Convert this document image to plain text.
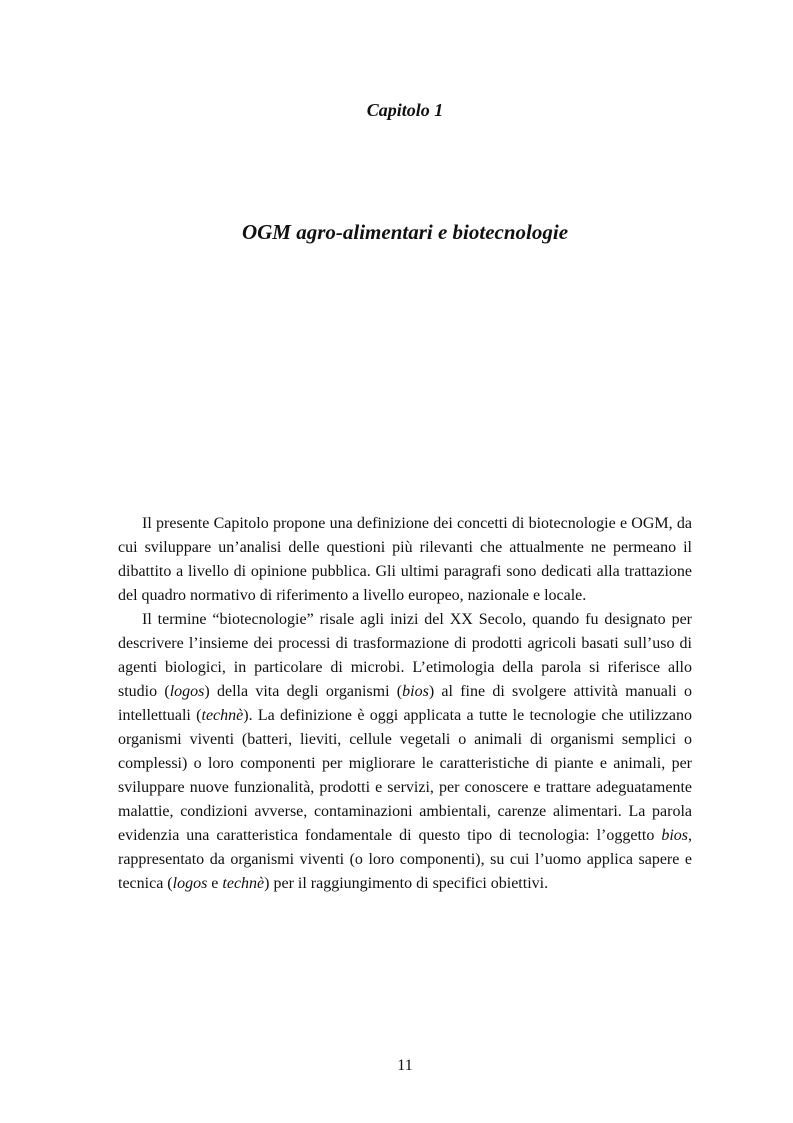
Capitolo 1
OGM agro-alimentari e biotecnologie

Il presente Capitolo propone una definizione dei concetti di biotecnologie e OGM, da cui sviluppare un’analisi delle questioni più rilevanti che attualmente ne permeano il dibattito a livello di opinione pubblica. Gli ultimi paragrafi sono dedicati alla trattazione del quadro normativo di riferimento a livello europeo, nazionale e locale.

Il termine “biotecnologie” risale agli inizi del XX Secolo, quando fu designato per descrivere l’insieme dei processi di trasformazione di prodotti agricoli basati sull’uso di agenti biologici, in particolare di microbi. L’etimologia della parola si riferisce allo studio (logos) della vita degli organismi (bios) al fine di svolgere attività manuali o intellettuali (technè). La definizione è oggi applicata a tutte le tecnologie che utilizzano organismi viventi (batteri, lieviti, cellule vegetali o animali di organismi semplici o complessi) o loro componenti per migliorare le caratteristiche di piante e animali, per sviluppare nuove funzionalità, prodotti e servizi, per conoscere e trattare adeguatamente malattie, condizioni avverse, contaminazioni ambientali, carenze alimentari. La parola evidenzia una caratteristica fondamentale di questo tipo di tecnologia: l’oggetto bios, rappresentato da organismi viventi (o loro componenti), su cui l’uomo applica sapere e tecnica (logos e technè) per il raggiungimento di specifici obiettivi.

11
